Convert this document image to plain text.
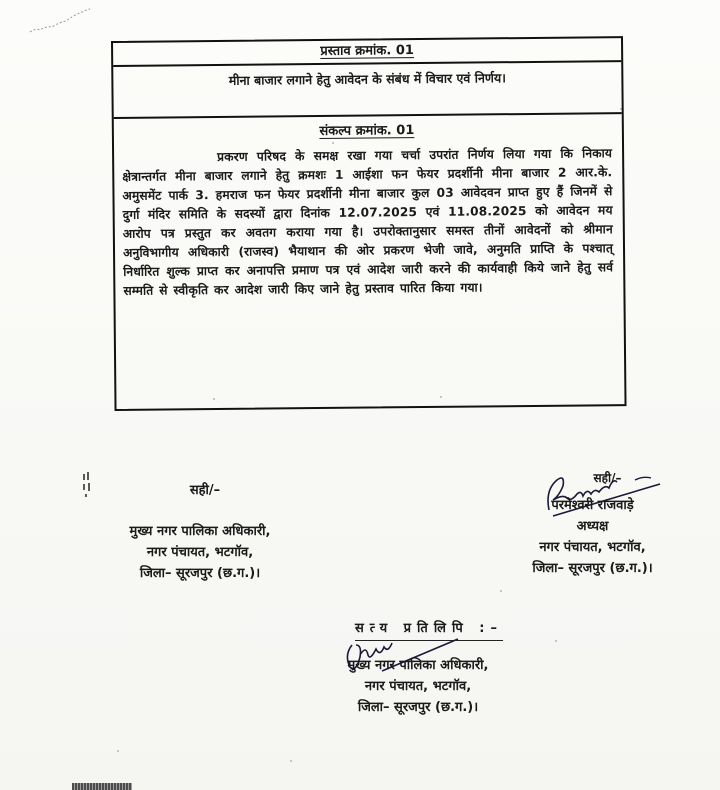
प्रस्ताव क्रमांक. 01
मीना बाजार लगाने हेतु आवेदन के संबंध में विचार एवं निर्णय।
संकल्प क्रमांक. 01
प्रकरण परिषद के समक्ष रखा गया चर्चा उपरांत निर्णय लिया गया कि निकाय क्षेत्रान्तर्गत मीना बाजार लगाने हेतु क्रमशः 1 आईशा फन फेयर प्रदर्शीनी मीना बाजार 2 आर.के. अमुसमेंट पार्क 3. हमराज फन फेयर प्रदर्शीनी मीना बाजार कुल 03 आवेदवन प्राप्त हुए हैं जिनमें से दुर्गा मंदिर समिति के सदस्यों द्वारा दिनांक 12.07.2025 एवं 11.08.2025 को आवेदन मय आरोप पत्र प्रस्तुत कर अवतग कराया गया है। उपरोक्तानुसार समस्त तीनों आवेदनों को श्रीमान अनुविभागीय अधिकारी (राजस्व) भैयाथान की ओर प्रकरण भेजी जावे, अनुमति प्राप्ति के पश्चात् निर्धारित शुल्क प्राप्त कर अनापत्ति प्रमाण पत्र एवं आदेश जारी करने की कार्यवाही किये जाने हेतु सर्व सम्मति से स्वीकृति कर आदेश जारी किए जाने हेतु प्रस्ताव पारित किया गया।
सही/–
मुख्य नगर पालिका अधिकारी,
नगर पंचायत, भटगॉव,
जिला– सूरजपुर (छ.ग.)।
सही/–
परमेश्वरी राजवाड़े
अध्यक्ष
नगर पंचायत, भटगॉव,
जिला– सूरजपुर (छ.ग.)।
सत्य प्रतिलिपि :–
मुख्य नगर पालिका अधिकारी,
नगर पंचायत, भटगॉव,
जिला– सूरजपुर (छ.ग.)।
